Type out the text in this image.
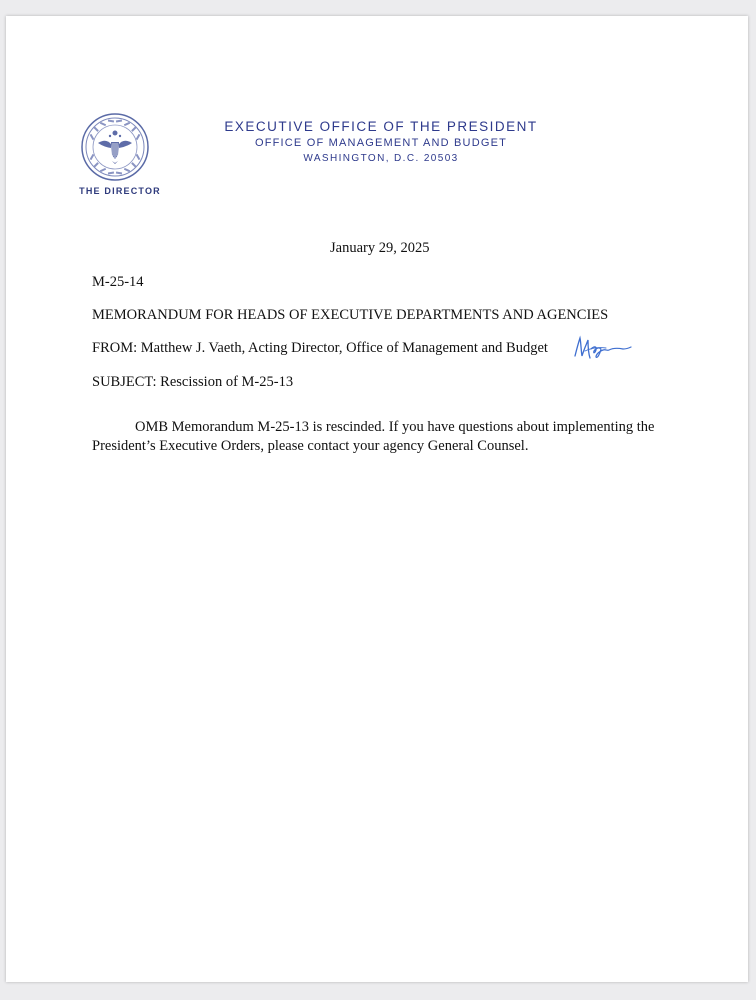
THE DIRECTOR
EXECUTIVE OFFICE OF THE PRESIDENT
OFFICE OF MANAGEMENT AND BUDGET
WASHINGTON, D.C. 20503
January 29, 2025
M-25-14
MEMORANDUM FOR HEADS OF EXECUTIVE DEPARTMENTS AND AGENCIES
FROM: Matthew J. Vaeth, Acting Director, Office of Management and Budget
SUBJECT: Rescission of M-25-13
OMB Memorandum M-25-13 is rescinded. If you have questions about implementing the
President’s Executive Orders, please contact your agency General Counsel.
